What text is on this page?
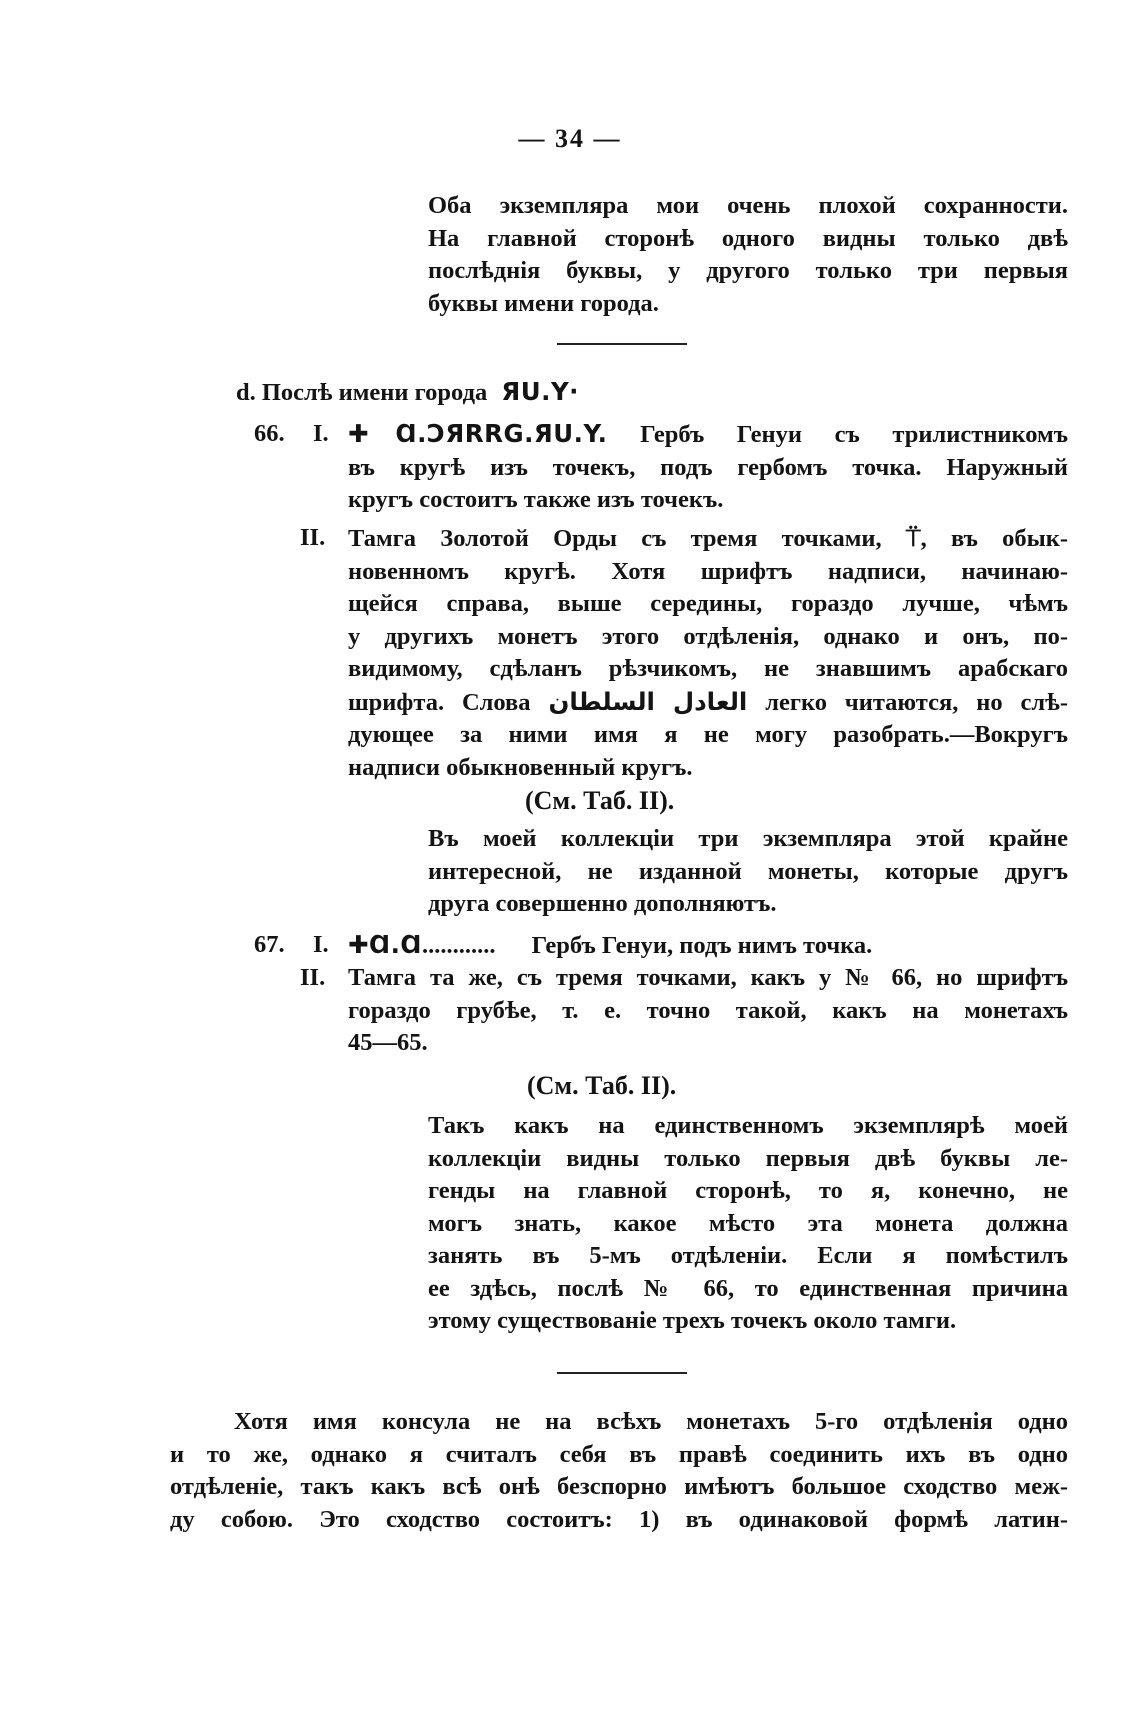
— 34 —
Оба экземпляра мои очень плохой сохранности.
На главной сторонѣ одного видны только двѣ
послѣднія буквы, у другого только три первыя
буквы имени города.
d. Послѣ имени города ЯU.Y·
66. I. ✚Ɑ.ƆЯRRG.ЯU.Y. Гербъ Генуи съ трилистникомъ
въ кругѣ изъ точекъ, подъ гербомъ точка. Наружный
кругъ состоитъ также изъ точекъ.
II. Тамга Золотой Орды съ тремя точками, ⍡, въ обык-
новенномъ кругѣ. Хотя шрифтъ надписи, начинаю-
щейся справа, выше середины, гораздо лучше, чѣмъ
у другихъ монетъ этого отдѣленія, однако и онъ, по-
видимому, сдѣланъ рѣзчикомъ, не знавшимъ арабскаго
шрифта. Слова	العادل السلطان	легко читаются, но слѣ-
дующее за ними имя я не могу разобрать.—Вокругъ
надписи обыкновенный кругъ.
(См. Таб. II).
Въ моей коллекціи три экземпляра этой крайне
интересной, не изданной монеты, которые другъ
друга совершенно дополняютъ.
67. I. ✚Ɑ.Ɑ............ Гербъ Генуи, подъ нимъ точка.
II. Тамга та же, съ тремя точками, какъ у № 66, но шрифтъ
гораздо грубѣе, т. е. точно такой, какъ на монетахъ
45—65.
(См. Таб. II).
Такъ какъ на единственномъ экземплярѣ моей
коллекціи видны только первыя двѣ буквы ле-
генды на главной сторонѣ, то я, конечно, не
могъ знать, какое мѣсто эта монета должна
занять въ 5-мъ отдѣленіи. Если я помѣстилъ
ее здѣсь, послѣ № 66, то единственная причина
этому существованіе трехъ точекъ около тамги.
Хотя имя консула не на всѣхъ монетахъ 5-го отдѣленія одно
и то же, однако я считалъ себя въ правѣ соединить ихъ въ одно
отдѣленіе, такъ какъ всѣ онѣ безспорно имѣютъ большое сходство меж-
ду собою. Это сходство состоитъ: 1) въ одинаковой формѣ латин-
